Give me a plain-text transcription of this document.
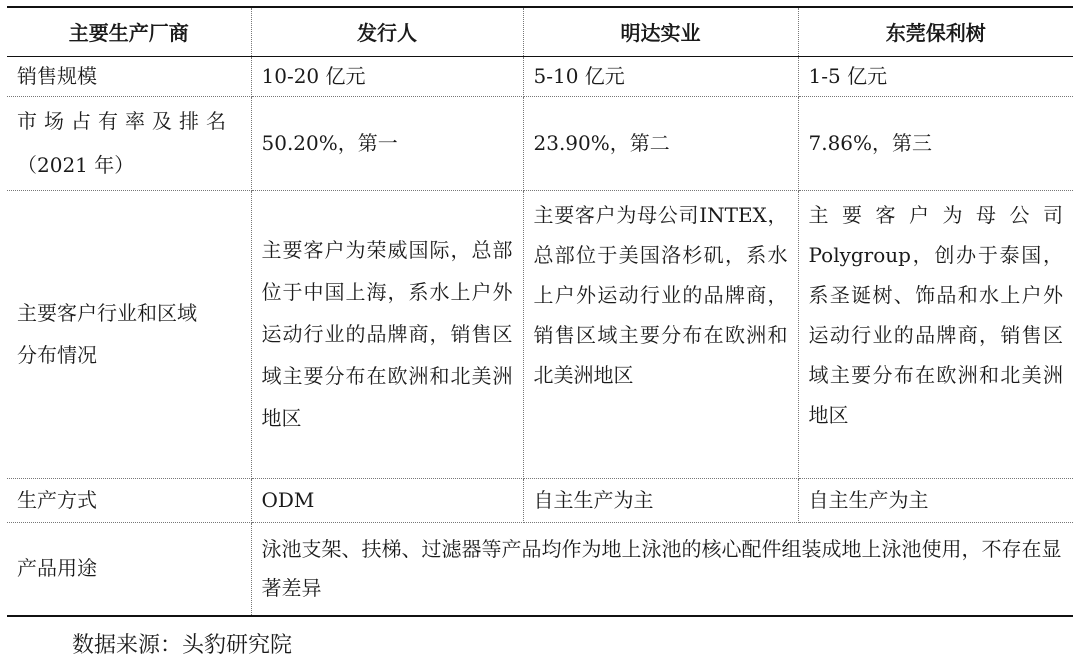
主要生产厂商	发行人	明达实业	东莞保利树

销售规模	10-20 亿元	5-10 亿元	1-5 亿元

市场占有率及排名
（2021 年）	50.20%，第一	23.90%，第二	7.86%，第三

主要客户行业和区域
分布情况	主要客户为荣威国际，总部位于中国上海，系水上户外运动行业的品牌商，销售区域主要分布在欧洲和北美洲地区	主要客户为母公司INTEX，总部位于美国洛杉矶，系水上户外运动行业的品牌商，销售区域主要分布在欧洲和北美洲地区	主要客户为母公司Polygroup，创办于泰国，系圣诞树、饰品和水上户外运动行业的品牌商，销售区域主要分布在欧洲和北美洲地区

生产方式	ODM	自主生产为主	自主生产为主

产品用途	泳池支架、扶梯、过滤器等产品均作为地上泳池的核心配件组装成地上泳池使用，不存在显著差异		
数据来源：头豹研究院
